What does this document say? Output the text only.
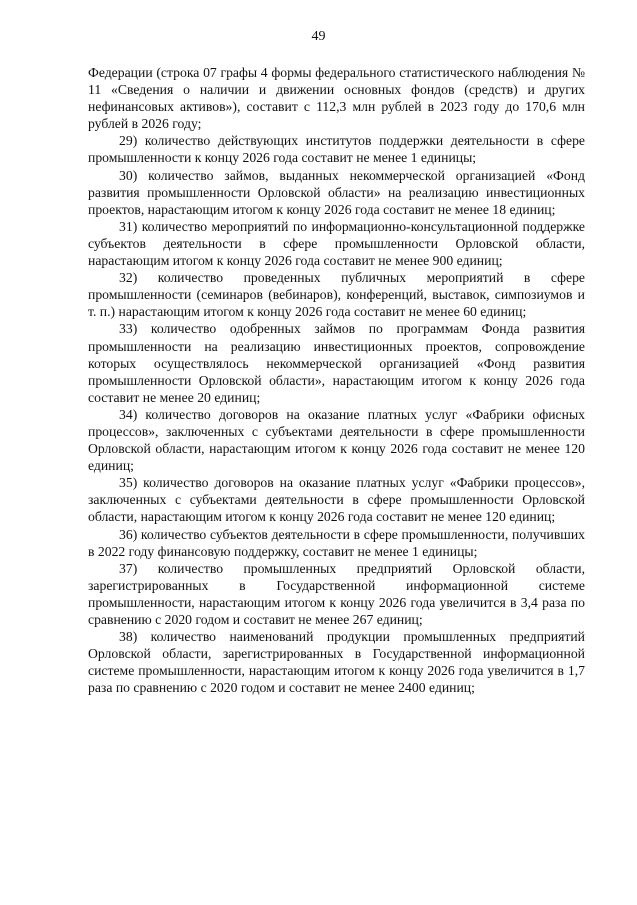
49

Федерации (строка 07 графы 4 формы федерального статистического наблюдения № 11 «Сведения о наличии и движении основных фондов (средств) и других нефинансовых активов»), составит с 112,3 млн рублей в 2023 году до 170,6 млн рублей в 2026 году;

29) количество действующих институтов поддержки деятельности в сфере промышленности к концу 2026 года составит не менее 1 единицы;

30) количество займов, выданных некоммерческой организацией «Фонд развития промышленности Орловской области» на реализацию инвестиционных проектов, нарастающим итогом к концу 2026 года составит не менее 18 единиц;

31) количество мероприятий по информационно-консультационной поддержке субъектов деятельности в сфере промышленности Орловской области, нарастающим итогом к концу 2026 года составит не менее 900 единиц;

32) количество проведенных публичных мероприятий в сфере промышленности (семинаров (вебинаров), конференций, выставок, симпозиумов и т. п.) нарастающим итогом к концу 2026 года составит не менее 60 единиц;

33) количество одобренных займов по программам Фонда развития промышленности на реализацию инвестиционных проектов, сопровождение которых осуществлялось некоммерческой организацией «Фонд развития промышленности Орловской области», нарастающим итогом к концу 2026 года составит не менее 20 единиц;

34) количество договоров на оказание платных услуг «Фабрики офисных процессов», заключенных с субъектами деятельности в сфере промышленности Орловской области, нарастающим итогом к концу 2026 года составит не менее 120 единиц;

35) количество договоров на оказание платных услуг «Фабрики процессов», заключенных с субъектами деятельности в сфере промышленности Орловской области, нарастающим итогом к концу 2026 года составит не менее 120 единиц;

36) количество субъектов деятельности в сфере промышленности, получивших в 2022 году финансовую поддержку, составит не менее 1 единицы;

37) количество промышленных предприятий Орловской области, зарегистрированных в Государственной информационной системе промышленности, нарастающим итогом к концу 2026 года увеличится в 3,4 раза по сравнению с 2020 годом и составит не менее 267 единиц;

38) количество наименований продукции промышленных предприятий Орловской области, зарегистрированных в Государственной информационной системе промышленности, нарастающим итогом к концу 2026 года увеличится в 1,7 раза по сравнению с 2020 годом и составит не менее 2400 единиц;
